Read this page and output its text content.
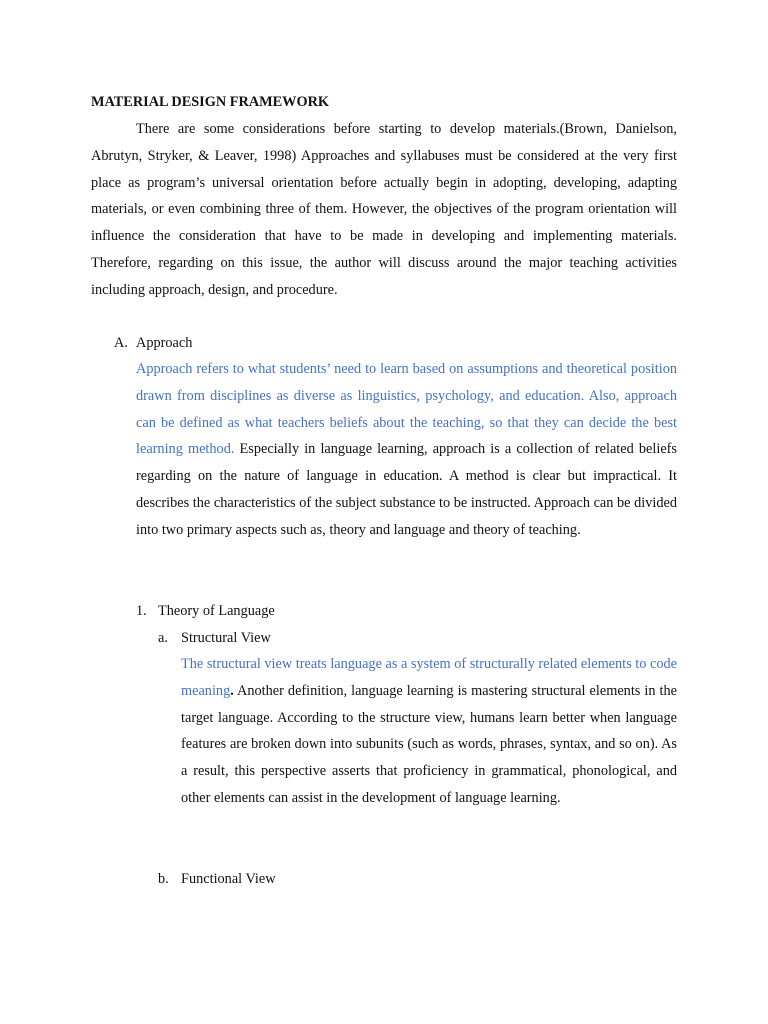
MATERIAL DESIGN FRAMEWORK

There are some considerations before starting to develop materials.(Brown, Danielson, Abrutyn, Stryker, & Leaver, 1998) Approaches and syllabuses must be considered at the very first place as program’s universal orientation before actually begin in adopting, developing, adapting materials, or even combining three of them. However, the objectives of the program orientation will influence the consideration that have to be made in developing and implementing materials. Therefore, regarding on this issue, the author will discuss around the major teaching activities including approach, design, and procedure.

A. Approach

Approach refers to what students’ need to learn based on assumptions and theoretical position drawn from disciplines as diverse as linguistics, psychology, and education. Also, approach can be defined as what teachers beliefs about the teaching, so that they can decide the best learning method. Especially in language learning, approach is a collection of related beliefs regarding on the nature of language in education. A method is clear but impractical. It describes the characteristics of the subject substance to be instructed. Approach can be divided into two primary aspects such as, theory and language and theory of teaching.

1. Theory of Language
a. Structural View

The structural view treats language as a system of structurally related elements to code meaning. Another definition, language learning is mastering structural elements in the target language. According to the structure view, humans learn better when language features are broken down into subunits (such as words, phrases, syntax, and so on). As a result, this perspective asserts that proficiency in grammatical, phonological, and other elements can assist in the development of language learning.

b. Functional View
